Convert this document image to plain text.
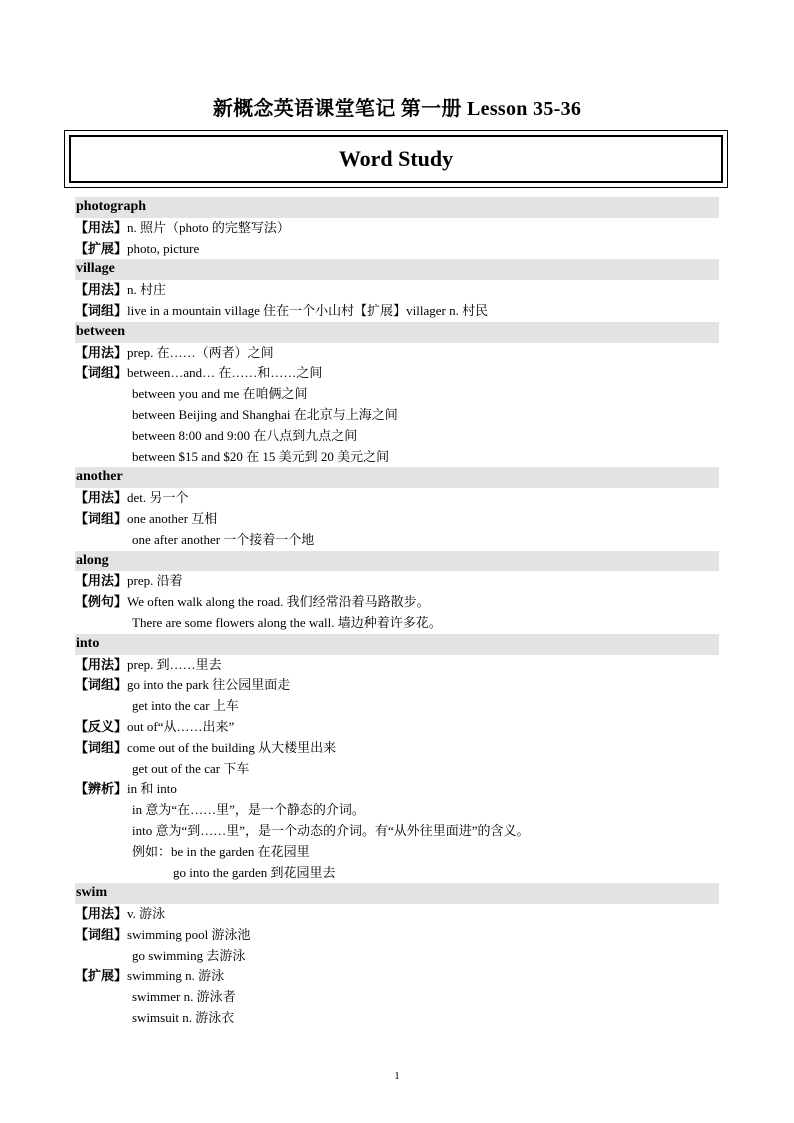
新概念英语课堂笔记 第一册 Lesson 35-36
Word Study
photograph
【用法】n. 照片（photo 的完整写法）
【扩展】photo, picture
village
【用法】n. 村庄
【词组】live in a mountain village 住在一个小山村【扩展】villager n. 村民
between
【用法】prep. 在……（两者）之间
【词组】between…and… 在……和……之间
between you and me 在咱俩之间
between Beijing and Shanghai 在北京与上海之间
between 8:00 and 9:00 在八点到九点之间
between $15 and $20 在 15 美元到 20 美元之间
another
【用法】det. 另一个
【词组】one another 互相
one after another 一个接着一个地
along
【用法】prep. 沿着
【例句】We often walk along the road. 我们经常沿着马路散步。
There are some flowers along the wall. 墙边种着许多花。
into
【用法】prep. 到……里去
【词组】go into the park 往公园里面走
get into the car 上车
【反义】out of“从……出来”
【词组】come out of the building 从大楼里出来
get out of the car 下车
【辨析】in 和 into
in 意为“在……里”，是一个静态的介词。
into 意为“到……里”，是一个动态的介词。有“从外往里面进”的含义。
例如：be in the garden 在花园里
go into the garden 到花园里去
swim
【用法】v. 游泳
【词组】swimming pool 游泳池
go swimming 去游泳
【扩展】swimming n. 游泳
swimmer n. 游泳者
swimsuit n. 游泳衣
1
